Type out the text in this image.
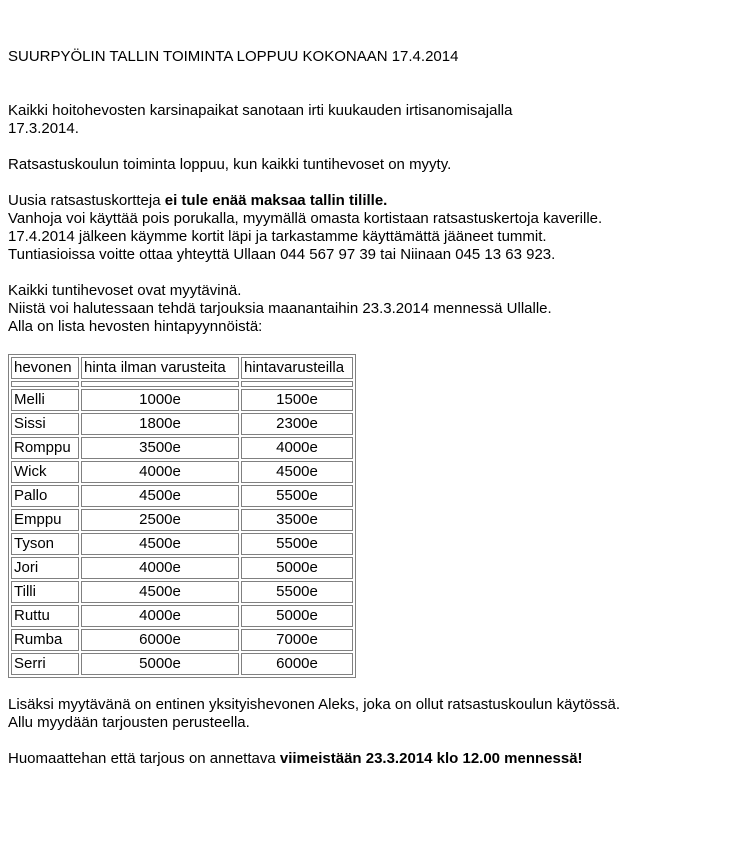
SUURPYÖLIN TALLIN TOIMINTA LOPPUU KOKONAAN 17.4.2014

Kaikki hoitohevosten karsinapaikat sanotaan irti kuukauden irtisanomisajalla

17.3.2014.

Ratsastuskoulun toiminta loppuu, kun kaikki tuntihevoset on myyty.

Uusia ratsastuskortteja ei tule enää maksaa tallin tilille.

Vanhoja voi käyttää pois porukalla, myymällä omasta kortistaan ratsastuskertoja kaverille.

17.4.2014 jälkeen käymme kortit läpi ja tarkastamme käyttämättä jääneet tummit.

Tuntiasioissa voitte ottaa yhteyttä Ullaan 044 567 97 39 tai Niinaan 045 13 63 923.

Kaikki tuntihevoset ovat myytävinä.

Niistä voi halutessaan tehdä tarjouksia maanantaihin 23.3.2014 mennessä Ullalle.

Alla on lista hevosten hintapyynnöistä:

hevonen	hinta ilman varusteita	hintavarusteilla

Melli	1000e	1500e
Sissi	1800e	2300e
Romppu	3500e	4000e
Wick	4000e	4500e
Pallo	4500e	5500e
Emppu	2500e	3500e
Tyson	4500e	5500e
Jori	4000e	5000e
Tilli	4500e	5500e
Ruttu	4000e	5000e
Rumba	6000e	7000e
Serri	5000e	6000e

Lisäksi myytävänä on entinen yksityishevonen Aleks, joka on ollut ratsastuskoulun käytössä.

Allu myydään tarjousten perusteella.

Huomaattehan että tarjous on annettava viimeistään 23.3.2014 klo 12.00 mennessä!
